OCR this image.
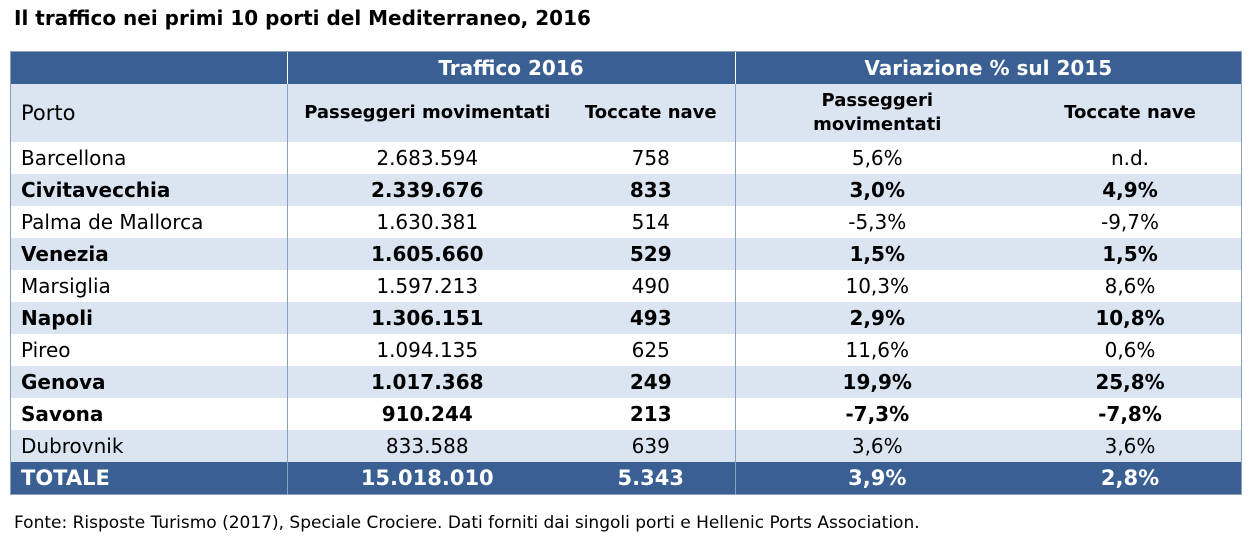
Il traffico nei primi 10 porti del Mediterraneo, 2016
	Traffico 2016		Variazione % sul 2015	
Porto	Passeggeri movimentati	Toccate nave	Passeggeri movimentati	Toccate nave
Barcellona	2.683.594	758	5,6%	n.d.
Civitavecchia	2.339.676	833	3,0%	4,9%
Palma de Mallorca	1.630.381	514	-5,3%	-9,7%
Venezia	1.605.660	529	1,5%	1,5%
Marsiglia	1.597.213	490	10,3%	8,6%
Napoli	1.306.151	493	2,9%	10,8%
Pireo	1.094.135	625	11,6%	0,6%
Genova	1.017.368	249	19,9%	25,8%
Savona	910.244	213	-7,3%	-7,8%
Dubrovnik	833.588	639	3,6%	3,6%
TOTALE	15.018.010	5.343	3,9%	2,8%
Fonte: Risposte Turismo (2017), Speciale Crociere. Dati forniti dai singoli porti e Hellenic Ports Association.
